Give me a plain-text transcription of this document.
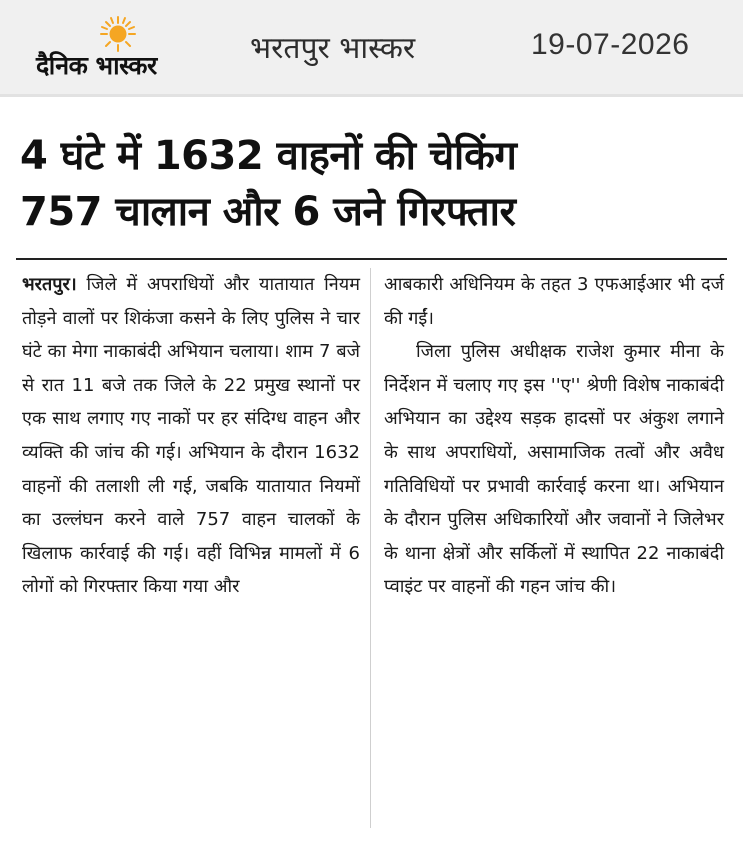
दैनिक भास्कर	भरतपुर भास्कर	19-07-2026
4 घंटे में 1632 वाहनों की चेकिंग
757 चालान और 6 जने गिरफ्तार

भरतपुर। जिले में अपराधियों और यातायात नियम तोड़ने वालों पर शिकंजा कसने के लिए पुलिस ने चार घंटे का मेगा नाकाबंदी अभियान चलाया। शाम 7 बजे से रात 11 बजे तक जिले के 22 प्रमुख स्थानों पर एक साथ लगाए गए नाकों पर हर संदिग्ध वाहन और व्यक्ति की जांच की गई। अभियान के दौरान 1632 वाहनों की तलाशी ली गई, जबकि यातायात नियमों का उल्लंघन करने वाले 757 वाहन चालकों के खिलाफ कार्रवाई की गई। वहीं विभिन्न मामलों में 6 लोगों को गिरफ्तार किया गया और

आबकारी अधिनियम के तहत 3 एफआईआर भी दर्ज की गईं।

जिला पुलिस अधीक्षक राजेश कुमार मीना के निर्देशन में चलाए गए इस ''ए'' श्रेणी विशेष नाकाबंदी अभियान का उद्देश्य सड़क हादसों पर अंकुश लगाने के साथ अपराधियों, असामाजिक तत्वों और अवैध गतिविधियों पर प्रभावी कार्रवाई करना था। अभियान के दौरान पुलिस अधिकारियों और जवानों ने जिलेभर के थाना क्षेत्रों और सर्किलों में स्थापित 22 नाकाबंदी प्वाइंट पर वाहनों की गहन जांच की।
